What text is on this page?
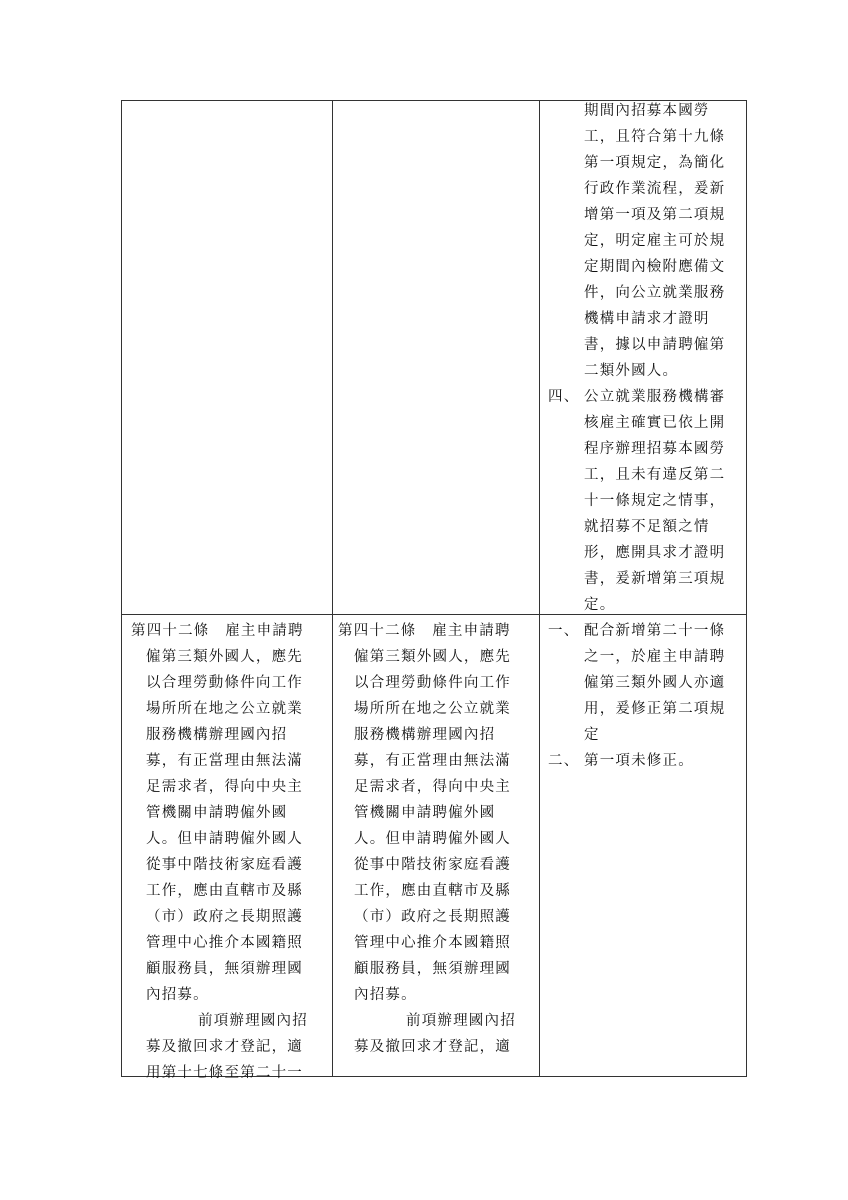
期間內招募本國勞
工，且符合第十九條
第一項規定，為簡化
行政作業流程，爰新
增第一項及第二項規
定，明定雇主可於規
定期間內檢附應備文
件，向公立就業服務
機構申請求才證明
書，據以申請聘僱第
二類外國人。
四、 公立就業服務機構審
核雇主確實已依上開
程序辦理招募本國勞
工，且未有違反第二
十一條規定之情事，
就招募不足額之情
形，應開具求才證明
書，爰新增第三項規
定。
第四十二條　雇主申請聘
僱第三類外國人，應先
以合理勞動條件向工作
場所所在地之公立就業
服務機構辦理國內招
募，有正當理由無法滿
足需求者，得向中央主
管機關申請聘僱外國
人。但申請聘僱外國人
從事中階技術家庭看護
工作，應由直轄市及縣
（市）政府之長期照護
管理中心推介本國籍照
顧服務員，無須辦理國
內招募。
前項辦理國內招
募及撤回求才登記，適
用第十七條至第二十一
第四十二條　雇主申請聘
僱第三類外國人，應先
以合理勞動條件向工作
場所所在地之公立就業
服務機構辦理國內招
募，有正當理由無法滿
足需求者，得向中央主
管機關申請聘僱外國
人。但申請聘僱外國人
從事中階技術家庭看護
工作，應由直轄市及縣
（市）政府之長期照護
管理中心推介本國籍照
顧服務員，無須辦理國
內招募。
前項辦理國內招
募及撤回求才登記，適
一、 配合新增第二十一條
之一，於雇主申請聘
僱第三類外國人亦適
用，爰修正第二項規
定
二、 第一項未修正。
